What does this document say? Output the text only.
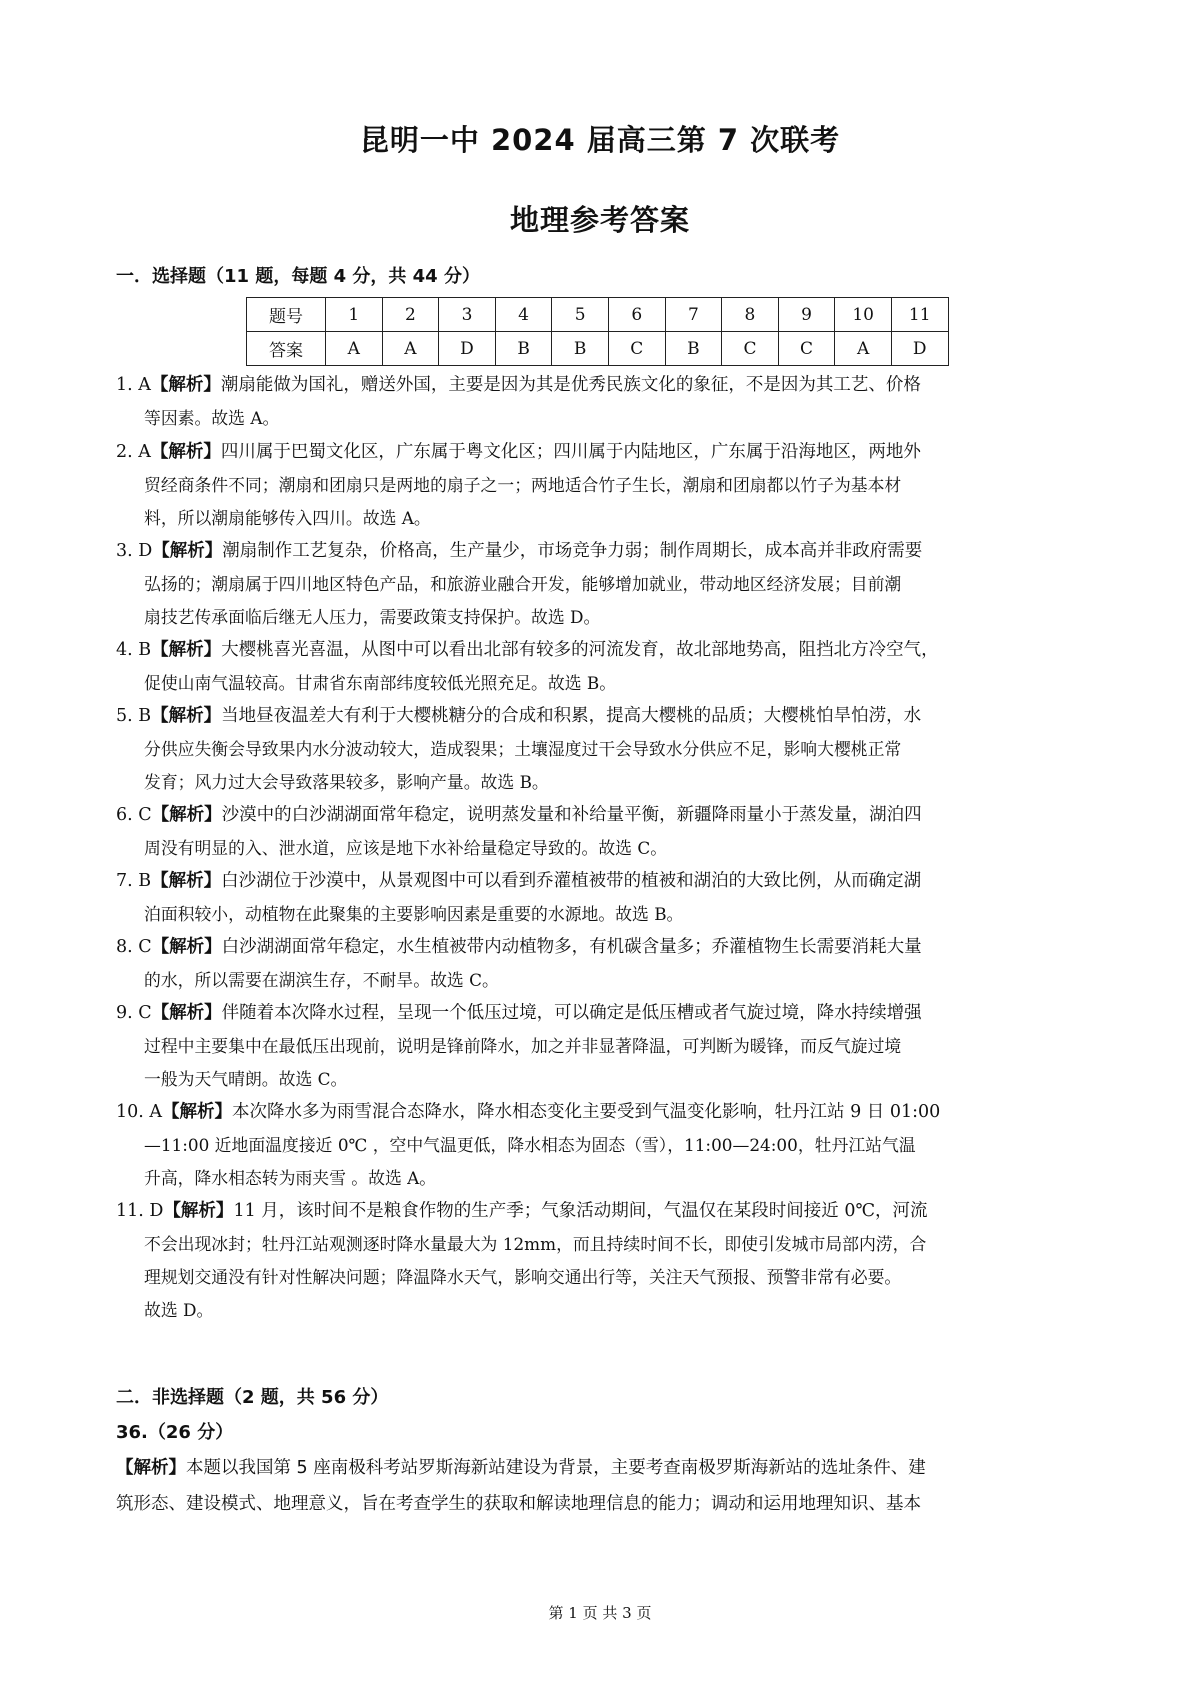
昆明一中 2024 届高三第 7 次联考
地理参考答案
一．选择题（11 题，每题 4 分，共 44 分）
题号	1	2	3	4	5	6	7	8	9	10	11
答案	A	A	D	B	B	C	B	C	C	A	D
1. A【解析】潮扇能做为国礼，赠送外国，主要是因为其是优秀民族文化的象征，不是因为其工艺、价格
等因素。故选 A。
2. A【解析】四川属于巴蜀文化区，广东属于粤文化区；四川属于内陆地区，广东属于沿海地区，两地外
贸经商条件不同；潮扇和团扇只是两地的扇子之一；两地适合竹子生长，潮扇和团扇都以竹子为基本材
料，所以潮扇能够传入四川。故选 A。
3. D【解析】潮扇制作工艺复杂，价格高，生产量少，市场竞争力弱；制作周期长，成本高并非政府需要
弘扬的；潮扇属于四川地区特色产品，和旅游业融合开发，能够增加就业，带动地区经济发展；目前潮
扇技艺传承面临后继无人压力，需要政策支持保护。故选 D。
4. B【解析】大樱桃喜光喜温，从图中可以看出北部有较多的河流发育，故北部地势高，阻挡北方冷空气，
促使山南气温较高。甘肃省东南部纬度较低光照充足。故选 B。
5. B【解析】当地昼夜温差大有利于大樱桃糖分的合成和积累，提高大樱桃的品质；大樱桃怕旱怕涝，水
分供应失衡会导致果内水分波动较大，造成裂果；土壤湿度过干会导致水分供应不足，影响大樱桃正常
发育；风力过大会导致落果较多，影响产量。故选 B。
6. C【解析】沙漠中的白沙湖湖面常年稳定，说明蒸发量和补给量平衡，新疆降雨量小于蒸发量，湖泊四
周没有明显的入、泄水道，应该是地下水补给量稳定导致的。故选 C。
7. B【解析】白沙湖位于沙漠中，从景观图中可以看到乔灌植被带的植被和湖泊的大致比例，从而确定湖
泊面积较小，动植物在此聚集的主要影响因素是重要的水源地。故选 B。
8. C【解析】白沙湖湖面常年稳定，水生植被带内动植物多，有机碳含量多；乔灌植物生长需要消耗大量
的水，所以需要在湖滨生存，不耐旱。故选 C。
9. C【解析】伴随着本次降水过程，呈现一个低压过境，可以确定是低压槽或者气旋过境，降水持续增强
过程中主要集中在最低压出现前，说明是锋前降水，加之并非显著降温，可判断为暖锋，而反气旋过境
一般为天气晴朗。故选 C。
10. A【解析】本次降水多为雨雪混合态降水，降水相态变化主要受到气温变化影响，牡丹江站 9 日 01:00
—11:00 近地面温度接近 0℃ ，空中气温更低，降水相态为固态（雪），11:00—24:00，牡丹江站气温
升高，降水相态转为雨夹雪 。故选 A。
11. D【解析】11 月，该时间不是粮食作物的生产季；气象活动期间，气温仅在某段时间接近 0℃，河流
不会出现冰封；牡丹江站观测逐时降水量最大为 12mm，而且持续时间不长，即使引发城市局部内涝，合
理规划交通没有针对性解决问题；降温降水天气，影响交通出行等，关注天气预报、预警非常有必要。
故选 D。
二．非选择题（2 题，共 56 分）
36.（26 分）
【解析】本题以我国第 5 座南极科考站罗斯海新站建设为背景，主要考查南极罗斯海新站的选址条件、建
筑形态、建设模式、地理意义，旨在考查学生的获取和解读地理信息的能力；调动和运用地理知识、基本
第 1 页 共 3 页
